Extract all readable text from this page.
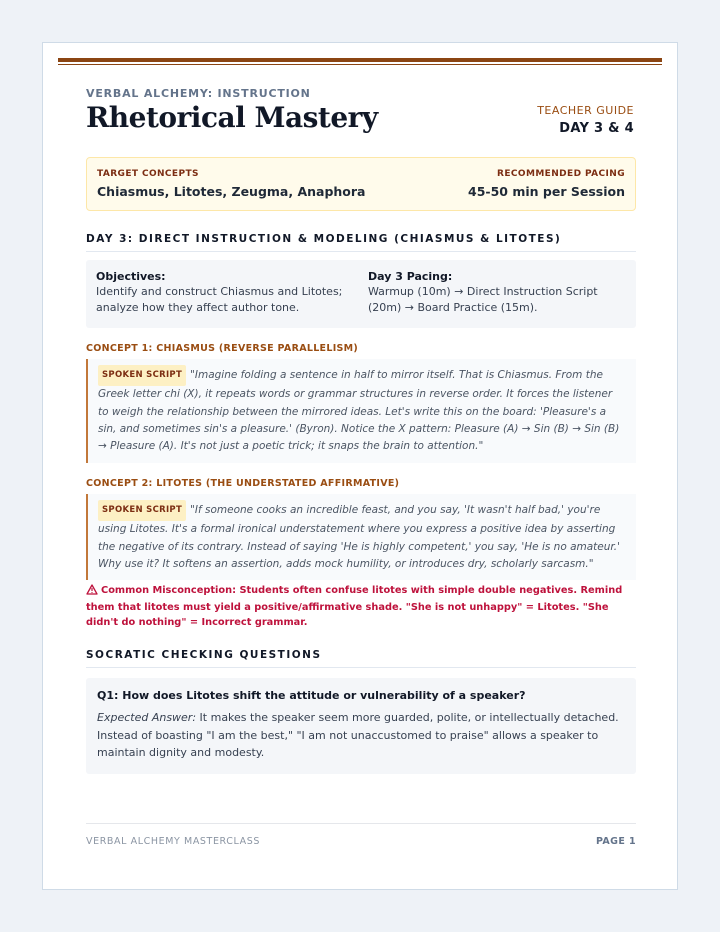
VERBAL ALCHEMY: INSTRUCTION
Rhetorical Mastery	TEACHER GUIDE
DAY 3 & 4
TARGET CONCEPTS
Chiasmus, Litotes, Zeugma, Anaphora
RECOMMENDED PACING
45-50 min per Session
DAY 3: DIRECT INSTRUCTION & MODELING (CHIASMUS & LITOTES)
Objectives:
Identify and construct Chiasmus and Litotes; analyze how they affect author tone.
Day 3 Pacing:
Warmup (10m) → Direct Instruction Script (20m) → Board Practice (15m).
CONCEPT 1: CHIASMUS (REVERSE PARALLELISM)
SPOKEN SCRIPT "Imagine folding a sentence in half to mirror itself. That is Chiasmus. From the Greek letter chi (X), it repeats words or grammar structures in reverse order. It forces the listener to weigh the relationship between the mirrored ideas. Let's write this on the board: 'Pleasure's a sin, and sometimes sin's a pleasure.' (Byron). Notice the X pattern: Pleasure (A) → Sin (B) → Sin (B) → Pleasure (A). It's not just a poetic trick; it snaps the brain to attention."
CONCEPT 2: LITOTES (THE UNDERSTATED AFFIRMATIVE)
SPOKEN SCRIPT "If someone cooks an incredible feast, and you say, 'It wasn't half bad,' you're using Litotes. It's a formal ironical understatement where you express a positive idea by asserting the negative of its contrary. Instead of saying 'He is highly competent,' you say, 'He is no amateur.' Why use it? It softens an assertion, adds mock humility, or introduces dry, scholarly sarcasm."
Common Misconception: Students often confuse litotes with simple double negatives. Remind them that litotes must yield a positive/affirmative shade. "She is not unhappy" = Litotes. "She didn't do nothing" = Incorrect grammar.
SOCRATIC CHECKING QUESTIONS
Q1: How does Litotes shift the attitude or vulnerability of a speaker?
Expected Answer: It makes the speaker seem more guarded, polite, or intellectually detached. Instead of boasting "I am the best," "I am not unaccustomed to praise" allows a speaker to maintain dignity and modesty.
VERBAL ALCHEMY MASTERCLASS	PAGE 1
